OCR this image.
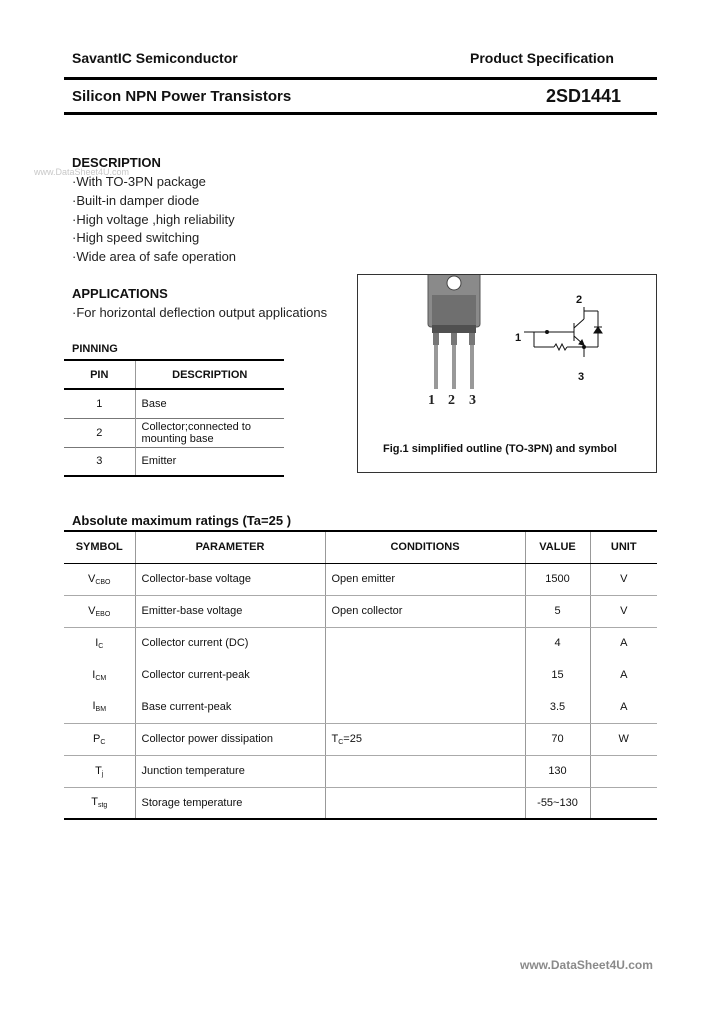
SavantIC Semiconductor	Product Specification
Silicon NPN Power Transistors	2SD1441
www.DataSheet4U.com
DESCRIPTION
·With TO-3PN package
·Built-in damper diode
·High voltage ,high reliability
·High speed switching
·Wide area of safe operation
APPLICATIONS
·For horizontal deflection output applications
PINNING
PIN	DESCRIPTION
1	Base
2	Collector;connected to mounting base
3	Emitter
1 2 3
1
2
3
Fig.1 simplified outline (TO-3PN) and symbol
Absolute maximum ratings (Ta=25 )
SYMBOL	PARAMETER	CONDITIONS	VALUE	UNIT
$V_{CBO}$	Collector-base voltage	Open emitter	1500	V
$V_{EBO}$	Emitter-base voltage	Open collector	5	V
$I_C$	Collector current (DC)		4	A
$I_{CM}$	Collector current-peak		15	A
$I_{BM}$	Base current-peak		3.5	A
$P_C$	Collector power dissipation	$T_C=25$	70	W
$T_j$	Junction temperature		130	
$T_{stg}$	Storage temperature		-55~130	
www.DataSheet4U.com
